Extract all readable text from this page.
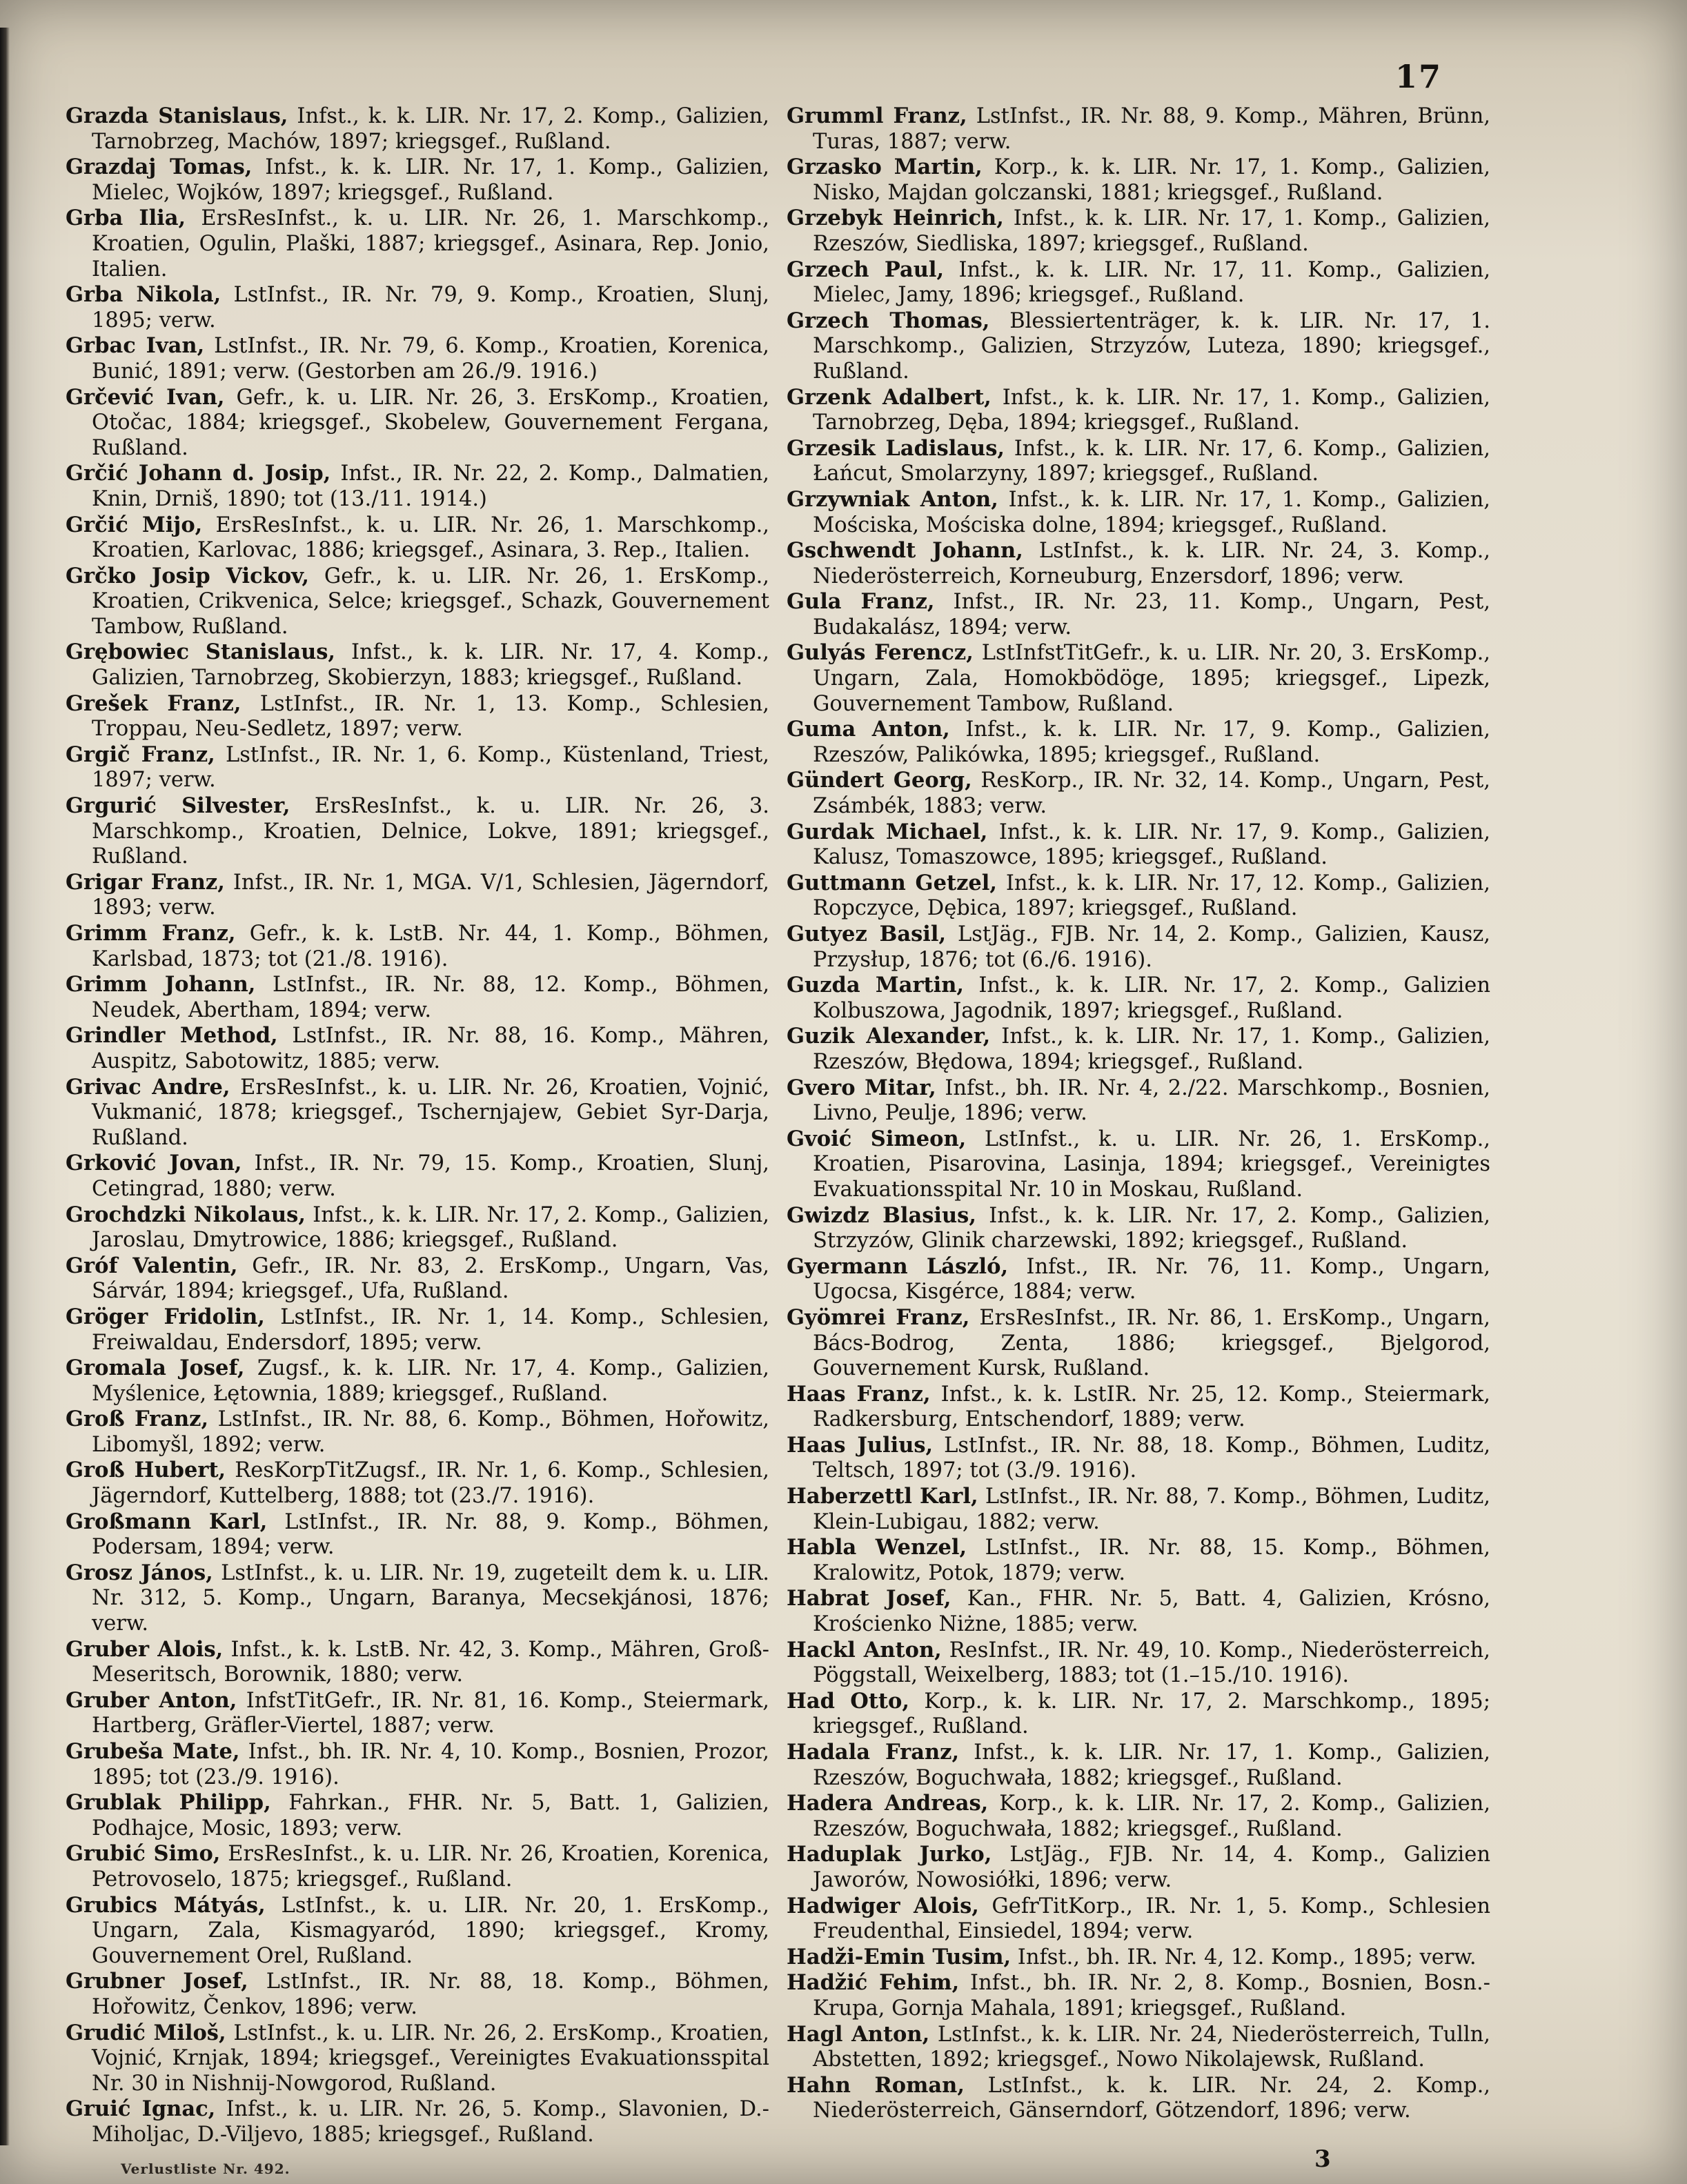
17

Grazda Stanislaus, Infst., k. k. LIR. Nr. 17, 2. Komp., Galizien, Tarnobrzeg, Machów, 1897; kriegsgef., Rußland.

Grazdaj Tomas, Infst., k. k. LIR. Nr. 17, 1. Komp., Galizien, Mielec, Wojków, 1897; kriegsgef., Rußland.

Grba Ilia, ErsResInfst., k. u. LIR. Nr. 26, 1. Marschkomp., Kroatien, Ogulin, Plaški, 1887; kriegsgef., Asinara, Rep. Jonio, Italien.

Grba Nikola, LstInfst., IR. Nr. 79, 9. Komp., Kroatien, Slunj, 1895; verw.

Grbac Ivan, LstInfst., IR. Nr. 79, 6. Komp., Kroatien, Korenica, Bunić, 1891; verw. (Gestorben am 26./9. 1916.)

Grčević Ivan, Gefr., k. u. LIR. Nr. 26, 3. ErsKomp., Kroatien, Otočac, 1884; kriegsgef., Skobelew, Gouvernement Fergana, Rußland.

Grčić Johann d. Josip, Infst., IR. Nr. 22, 2. Komp., Dalmatien, Knin, Drniš, 1890; tot (13./11. 1914.)

Grčić Mijo, ErsResInfst., k. u. LIR. Nr. 26, 1. Marschkomp., Kroatien, Karlovac, 1886; kriegsgef., Asinara, 3. Rep., Italien.

Grčko Josip Vickov, Gefr., k. u. LIR. Nr. 26, 1. ErsKomp., Kroatien, Crikvenica, Selce; kriegsgef., Schazk, Gouvernement Tambow, Rußland.

Grębowiec Stanislaus, Infst., k. k. LIR. Nr. 17, 4. Komp., Galizien, Tarnobrzeg, Skobierzyn, 1883; kriegsgef., Rußland.

Grešek Franz, LstInfst., IR. Nr. 1, 13. Komp., Schlesien, Troppau, Neu-Sedletz, 1897; verw.

Grgič Franz, LstInfst., IR. Nr. 1, 6. Komp., Küstenland, Triest, 1897; verw.

Grgurić Silvester, ErsResInfst., k. u. LIR. Nr. 26, 3. Marschkomp., Kroatien, Delnice, Lokve, 1891; kriegsgef., Rußland.

Grigar Franz, Infst., IR. Nr. 1, MGA. V/1, Schlesien, Jägerndorf, 1893; verw.

Grimm Franz, Gefr., k. k. LstB. Nr. 44, 1. Komp., Böhmen, Karlsbad, 1873; tot (21./8. 1916).

Grimm Johann, LstInfst., IR. Nr. 88, 12. Komp., Böhmen, Neudek, Abertham, 1894; verw.

Grindler Method, LstInfst., IR. Nr. 88, 16. Komp., Mähren, Auspitz, Sabotowitz, 1885; verw.

Grivac Andre, ErsResInfst., k. u. LIR. Nr. 26, Kroatien, Vojnić, Vukmanić, 1878; kriegsgef., Tschernjajew, Gebiet Syr-Darja, Rußland.

Grković Jovan, Infst., IR. Nr. 79, 15. Komp., Kroatien, Slunj, Cetingrad, 1880; verw.

Grochdzki Nikolaus, Infst., k. k. LIR. Nr. 17, 2. Komp., Galizien, Jaroslau, Dmytrowice, 1886; kriegsgef., Rußland.

Gróf Valentin, Gefr., IR. Nr. 83, 2. ErsKomp., Ungarn, Vas, Sárvár, 1894; kriegsgef., Ufa, Rußland.

Gröger Fridolin, LstInfst., IR. Nr. 1, 14. Komp., Schlesien, Freiwaldau, Endersdorf, 1895; verw.

Gromala Josef, Zugsf., k. k. LIR. Nr. 17, 4. Komp., Galizien, Myślenice, Łętownia, 1889; kriegsgef., Rußland.

Groß Franz, LstInfst., IR. Nr. 88, 6. Komp., Böhmen, Hořowitz, Libomyšl, 1892; verw.

Groß Hubert, ResKorpTitZugsf., IR. Nr. 1, 6. Komp., Schlesien, Jägerndorf, Kuttelberg, 1888; tot (23./7. 1916).

Großmann Karl, LstInfst., IR. Nr. 88, 9. Komp., Böhmen, Podersam, 1894; verw.

Grosz János, LstInfst., k. u. LIR. Nr. 19, zugeteilt dem k. u. LIR. Nr. 312, 5. Komp., Ungarn, Baranya, Mecsekjánosi, 1876; verw.

Gruber Alois, Infst., k. k. LstB. Nr. 42, 3. Komp., Mähren, Groß-Meseritsch, Borownik, 1880; verw.

Gruber Anton, InfstTitGefr., IR. Nr. 81, 16. Komp., Steiermark, Hartberg, Gräfler-Viertel, 1887; verw.

Grubeša Mate, Infst., bh. IR. Nr. 4, 10. Komp., Bosnien, Prozor, 1895; tot (23./9. 1916).

Grublak Philipp, Fahrkan., FHR. Nr. 5, Batt. 1, Galizien, Podhajce, Mosic, 1893; verw.

Grubić Simo, ErsResInfst., k. u. LIR. Nr. 26, Kroatien, Korenica, Petrovoselo, 1875; kriegsgef., Rußland.

Grubics Mátyás, LstInfst., k. u. LIR. Nr. 20, 1. ErsKomp., Ungarn, Zala, Kismagyaród, 1890; kriegsgef., Kromy, Gouvernement Orel, Rußland.

Grubner Josef, LstInfst., IR. Nr. 88, 18. Komp., Böhmen, Hořowitz, Čenkov, 1896; verw.

Grudić Miloš, LstInfst., k. u. LIR. Nr. 26, 2. ErsKomp., Kroatien, Vojnić, Krnjak, 1894; kriegsgef., Vereinigtes Evakuationsspital Nr. 30 in Nishnij-Nowgorod, Rußland.

Gruić Ignac, Infst., k. u. LIR. Nr. 26, 5. Komp., Slavonien, D.-Miholjac, D.-Viljevo, 1885; kriegsgef., Rußland.

Grumml Franz, LstInfst., IR. Nr. 88, 9. Komp., Mähren, Brünn, Turas, 1887; verw.

Grzasko Martin, Korp., k. k. LIR. Nr. 17, 1. Komp., Galizien, Nisko, Majdan golczanski, 1881; kriegsgef., Rußland.

Grzebyk Heinrich, Infst., k. k. LIR. Nr. 17, 1. Komp., Galizien, Rzeszów, Siedliska, 1897; kriegsgef., Rußland.

Grzech Paul, Infst., k. k. LIR. Nr. 17, 11. Komp., Galizien, Mielec, Jamy, 1896; kriegsgef., Rußland.

Grzech Thomas, Blessiertenträger, k. k. LIR. Nr. 17, 1. Marschkomp., Galizien, Strzyzów, Luteza, 1890; kriegsgef., Rußland.

Grzenk Adalbert, Infst., k. k. LIR. Nr. 17, 1. Komp., Galizien, Tarnobrzeg, Dęba, 1894; kriegsgef., Rußland.

Grzesik Ladislaus, Infst., k. k. LIR. Nr. 17, 6. Komp., Galizien, Łańcut, Smolarzyny, 1897; kriegsgef., Rußland.

Grzywniak Anton, Infst., k. k. LIR. Nr. 17, 1. Komp., Galizien, Mościska, Mościska dolne, 1894; kriegsgef., Rußland.

Gschwendt Johann, LstInfst., k. k. LIR. Nr. 24, 3. Komp., Niederösterreich, Korneuburg, Enzersdorf, 1896; verw.

Gula Franz, Infst., IR. Nr. 23, 11. Komp., Ungarn, Pest, Budakalász, 1894; verw.

Gulyás Ferencz, LstInfstTitGefr., k. u. LIR. Nr. 20, 3. ErsKomp., Ungarn, Zala, Homokbödöge, 1895; kriegsgef., Lipezk, Gouvernement Tambow, Rußland.

Guma Anton, Infst., k. k. LIR. Nr. 17, 9. Komp., Galizien, Rzeszów, Palikówka, 1895; kriegsgef., Rußland.

Gündert Georg, ResKorp., IR. Nr. 32, 14. Komp., Ungarn, Pest, Zsámbék, 1883; verw.

Gurdak Michael, Infst., k. k. LIR. Nr. 17, 9. Komp., Galizien, Kalusz, Tomaszowce, 1895; kriegsgef., Rußland.

Guttmann Getzel, Infst., k. k. LIR. Nr. 17, 12. Komp., Galizien, Ropczyce, Dębica, 1897; kriegsgef., Rußland.

Gutyez Basil, LstJäg., FJB. Nr. 14, 2. Komp., Galizien, Kausz, Przysłup, 1876; tot (6./6. 1916).

Guzda Martin, Infst., k. k. LIR. Nr. 17, 2. Komp., Galizien Kolbuszowa, Jagodnik, 1897; kriegsgef., Rußland.

Guzik Alexander, Infst., k. k. LIR. Nr. 17, 1. Komp., Galizien, Rzeszów, Błędowa, 1894; kriegsgef., Rußland.

Gvero Mitar, Infst., bh. IR. Nr. 4, 2./22. Marschkomp., Bosnien, Livno, Peulje, 1896; verw.

Gvoić Simeon, LstInfst., k. u. LIR. Nr. 26, 1. ErsKomp., Kroatien, Pisarovina, Lasinja, 1894; kriegsgef., Vereinigtes Evakuationsspital Nr. 10 in Moskau, Rußland.

Gwizdz Blasius, Infst., k. k. LIR. Nr. 17, 2. Komp., Galizien, Strzyzów, Glinik charzewski, 1892; kriegsgef., Rußland.

Gyermann László, Infst., IR. Nr. 76, 11. Komp., Ungarn, Ugocsa, Kisgérce, 1884; verw.

Gyömrei Franz, ErsResInfst., IR. Nr. 86, 1. ErsKomp., Ungarn, Bács-Bodrog, Zenta, 1886; kriegsgef., Bjelgorod, Gouvernement Kursk, Rußland.

Haas Franz, Infst., k. k. LstIR. Nr. 25, 12. Komp., Steiermark, Radkersburg, Entschendorf, 1889; verw.

Haas Julius, LstInfst., IR. Nr. 88, 18. Komp., Böhmen, Luditz, Teltsch, 1897; tot (3./9. 1916).

Haberzettl Karl, LstInfst., IR. Nr. 88, 7. Komp., Böhmen, Luditz, Klein-Lubigau, 1882; verw.

Habla Wenzel, LstInfst., IR. Nr. 88, 15. Komp., Böhmen, Kralowitz, Potok, 1879; verw.

Habrat Josef, Kan., FHR. Nr. 5, Batt. 4, Galizien, Krósno, Krościenko Niżne, 1885; verw.

Hackl Anton, ResInfst., IR. Nr. 49, 10. Komp., Niederösterreich, Pöggstall, Weixelberg, 1883; tot (1.–15./10. 1916).

Had Otto, Korp., k. k. LIR. Nr. 17, 2. Marschkomp., 1895; kriegsgef., Rußland.

Hadala Franz, Infst., k. k. LIR. Nr. 17, 1. Komp., Galizien, Rzeszów, Boguchwała, 1882; kriegsgef., Rußland.

Hadera Andreas, Korp., k. k. LIR. Nr. 17, 2. Komp., Galizien, Rzeszów, Boguchwała, 1882; kriegsgef., Rußland.

Haduplak Jurko, LstJäg., FJB. Nr. 14, 4. Komp., Galizien Jaworów, Nowosiółki, 1896; verw.

Hadwiger Alois, GefrTitKorp., IR. Nr. 1, 5. Komp., Schlesien Freudenthal, Einsiedel, 1894; verw.

Hadži-Emin Tusim, Infst., bh. IR. Nr. 4, 12. Komp., 1895; verw.

Hadžić Fehim, Infst., bh. IR. Nr. 2, 8. Komp., Bosnien, Bosn.-Krupa, Gornja Mahala, 1891; kriegsgef., Rußland.

Hagl Anton, LstInfst., k. k. LIR. Nr. 24, Niederösterreich, Tulln, Abstetten, 1892; kriegsgef., Nowo Nikolajewsk, Rußland.

Hahn Roman, LstInfst., k. k. LIR. Nr. 24, 2. Komp., Niederösterreich, Gänserndorf, Götzendorf, 1896; verw.

Verlustliste Nr. 492.	3
